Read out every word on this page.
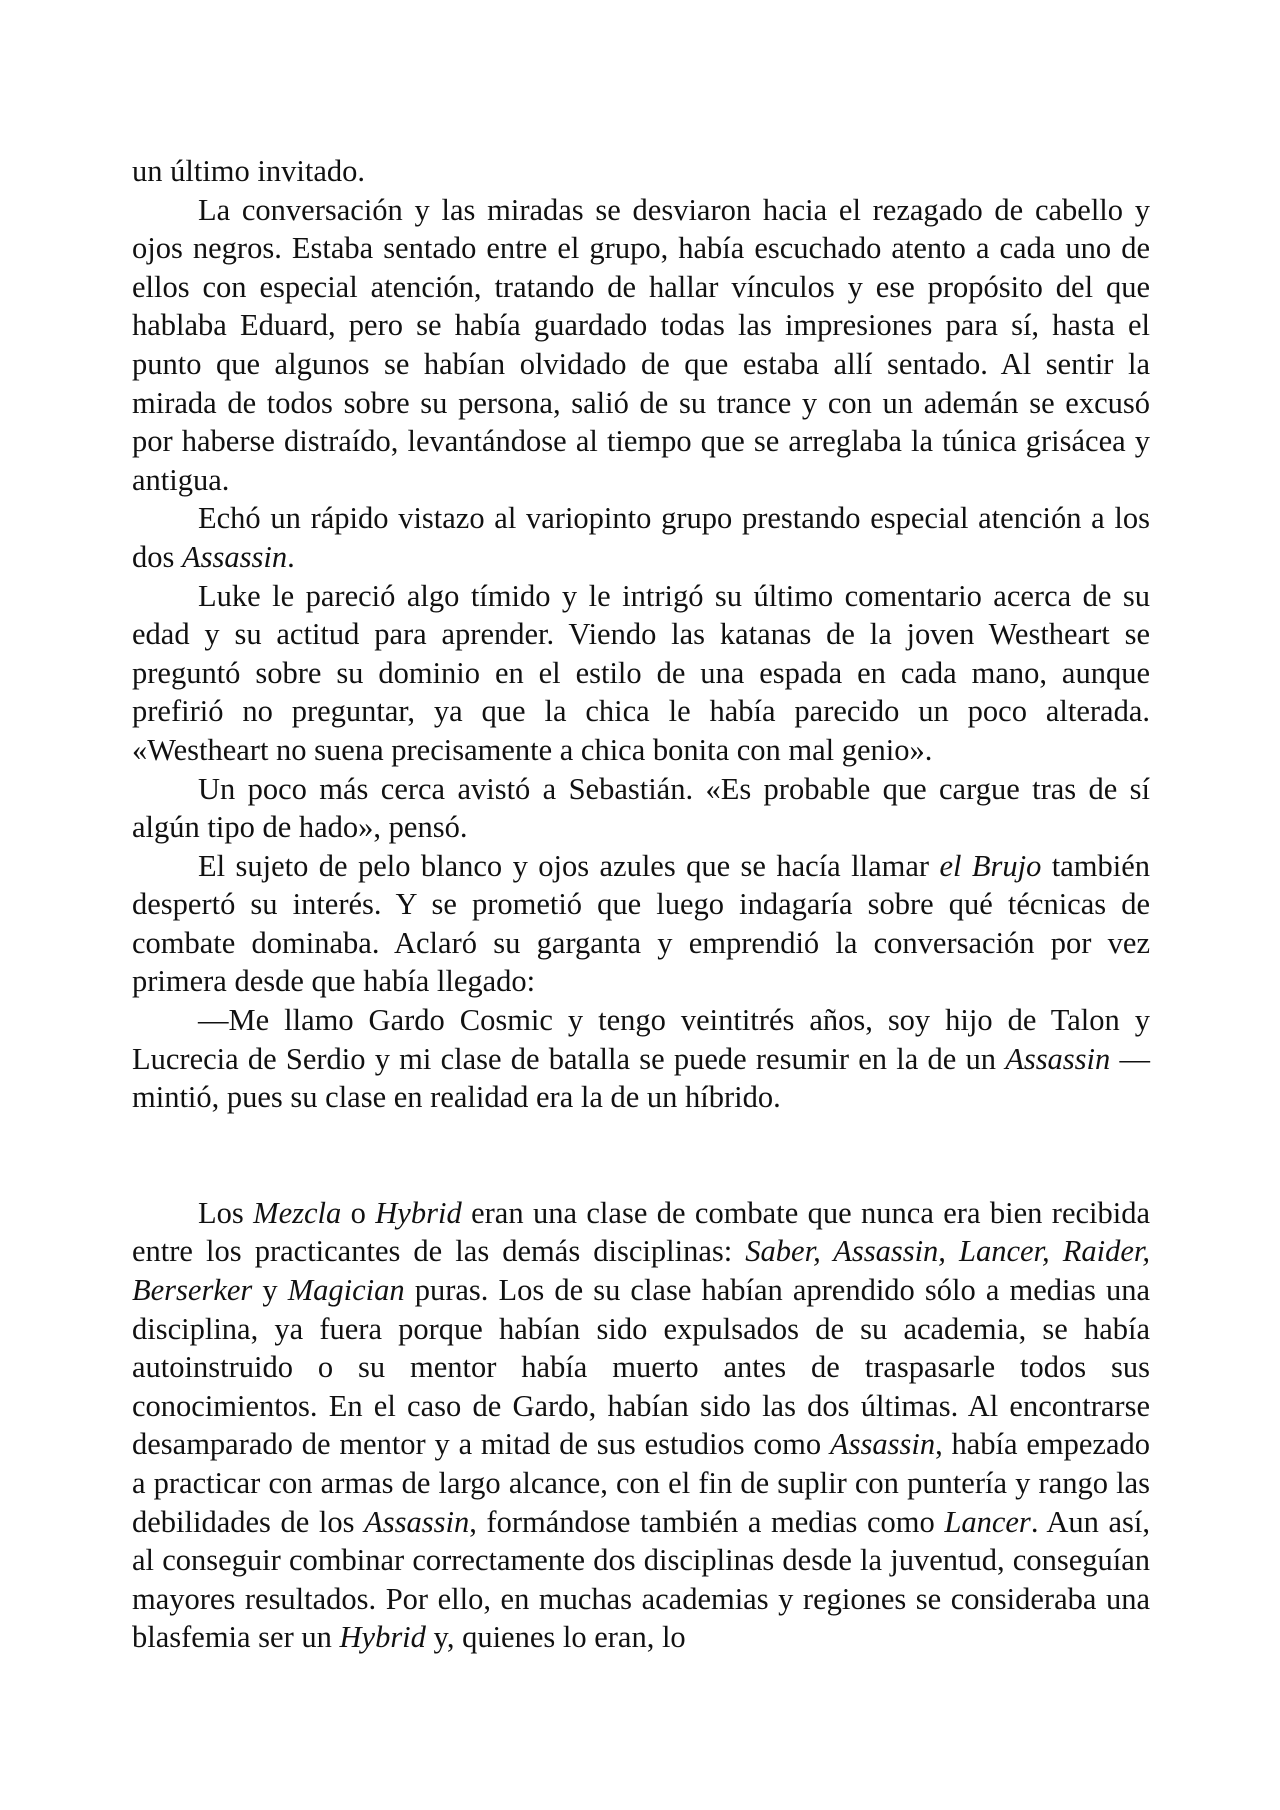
un último invitado.

La conversación y las miradas se desviaron hacia el rezagado de cabello y ojos negros. Estaba sentado entre el grupo, había escuchado atento a cada uno de ellos con especial atención, tratando de hallar vínculos y ese propósito del que hablaba Eduard, pero se había guardado todas las impresiones para sí, hasta el punto que algunos se habían olvidado de que estaba allí sentado. Al sentir la mirada de todos sobre su persona, salió de su trance y con un ademán se excusó por haberse distraído, levantándose al tiempo que se arreglaba la túnica grisácea y antigua.

Echó un rápido vistazo al variopinto grupo prestando especial atención a los dos Assassin.

Luke le pareció algo tímido y le intrigó su último comentario acerca de su edad y su actitud para aprender. Viendo las katanas de la joven Westheart se preguntó sobre su dominio en el estilo de una espada en cada mano, aunque prefirió no preguntar, ya que la chica le había parecido un poco alterada. «Westheart no suena precisamente a chica bonita con mal genio».

Un poco más cerca avistó a Sebastián. «Es probable que cargue tras de sí algún tipo de hado», pensó.

El sujeto de pelo blanco y ojos azules que se hacía llamar el Brujo también despertó su interés. Y se prometió que luego indagaría sobre qué técnicas de combate dominaba. Aclaró su garganta y emprendió la conversación por vez primera desde que había llegado:

—Me llamo Gardo Cosmic y tengo veintitrés años, soy hijo de Talon y Lucrecia de Serdio y mi clase de batalla se puede resumir en la de un Assassin —mintió, pues su clase en realidad era la de un híbrido.

Los Mezcla o Hybrid eran una clase de combate que nunca era bien recibida entre los practicantes de las demás disciplinas: Saber, Assassin, Lancer, Raider, Berserker y Magician puras. Los de su clase habían aprendido sólo a medias una disciplina, ya fuera porque habían sido expulsados de su academia, se había autoinstruido o su mentor había muerto antes de traspasarle todos sus conocimientos. En el caso de Gardo, habían sido las dos últimas. Al encontrarse desamparado de mentor y a mitad de sus estudios como Assassin, había empezado a practicar con armas de largo alcance, con el fin de suplir con puntería y rango las debilidades de los Assassin, formándose también a medias como Lancer. Aun así, al conseguir combinar correctamente dos disciplinas desde la juventud, conseguían mayores resultados. Por ello, en muchas academias y regiones se consideraba una blasfemia ser un Hybrid y, quienes lo eran, lo
